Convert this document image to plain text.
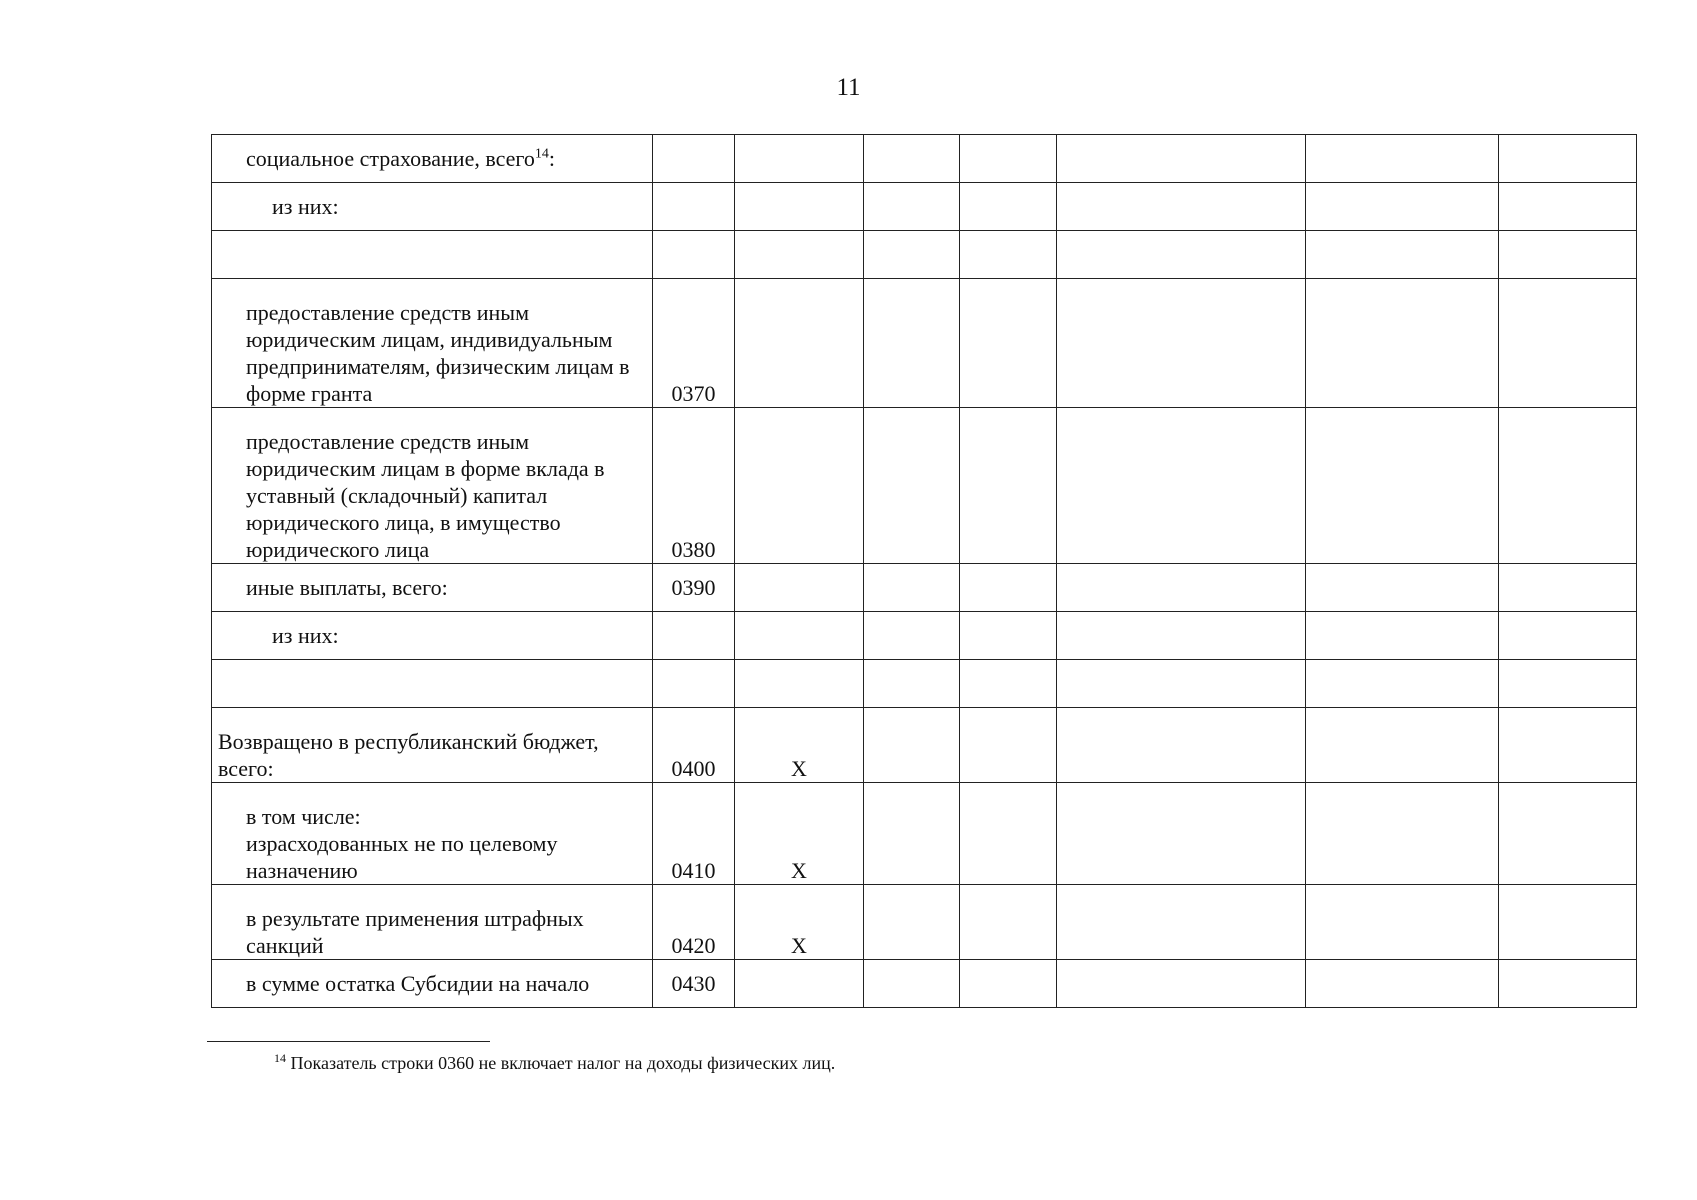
11
социальное страхование, всего$^{14}$:							
из них:							

предоставление средств иным юридическим лицам, индивидуальным предпринимателям, физическим лицам в форме гранта	0370						
предоставление средств иным юридическим лицам в форме вклада в уставный (складочный) капитал юридического лица, в имущество юридического лица	0380						
иные выплаты, всего:	0390						
из них:							

Возвращено в республиканский бюджет, всего:	0400	X					

в том числе:
израсходованных не по целевому назначению	0410	X					
в результате применения штрафных санкций	0420	X					
в сумме остатка Субсидии на начало	0430						
$^{14}$ Показатель строки 0360 не включает налог на доходы физических лиц.
